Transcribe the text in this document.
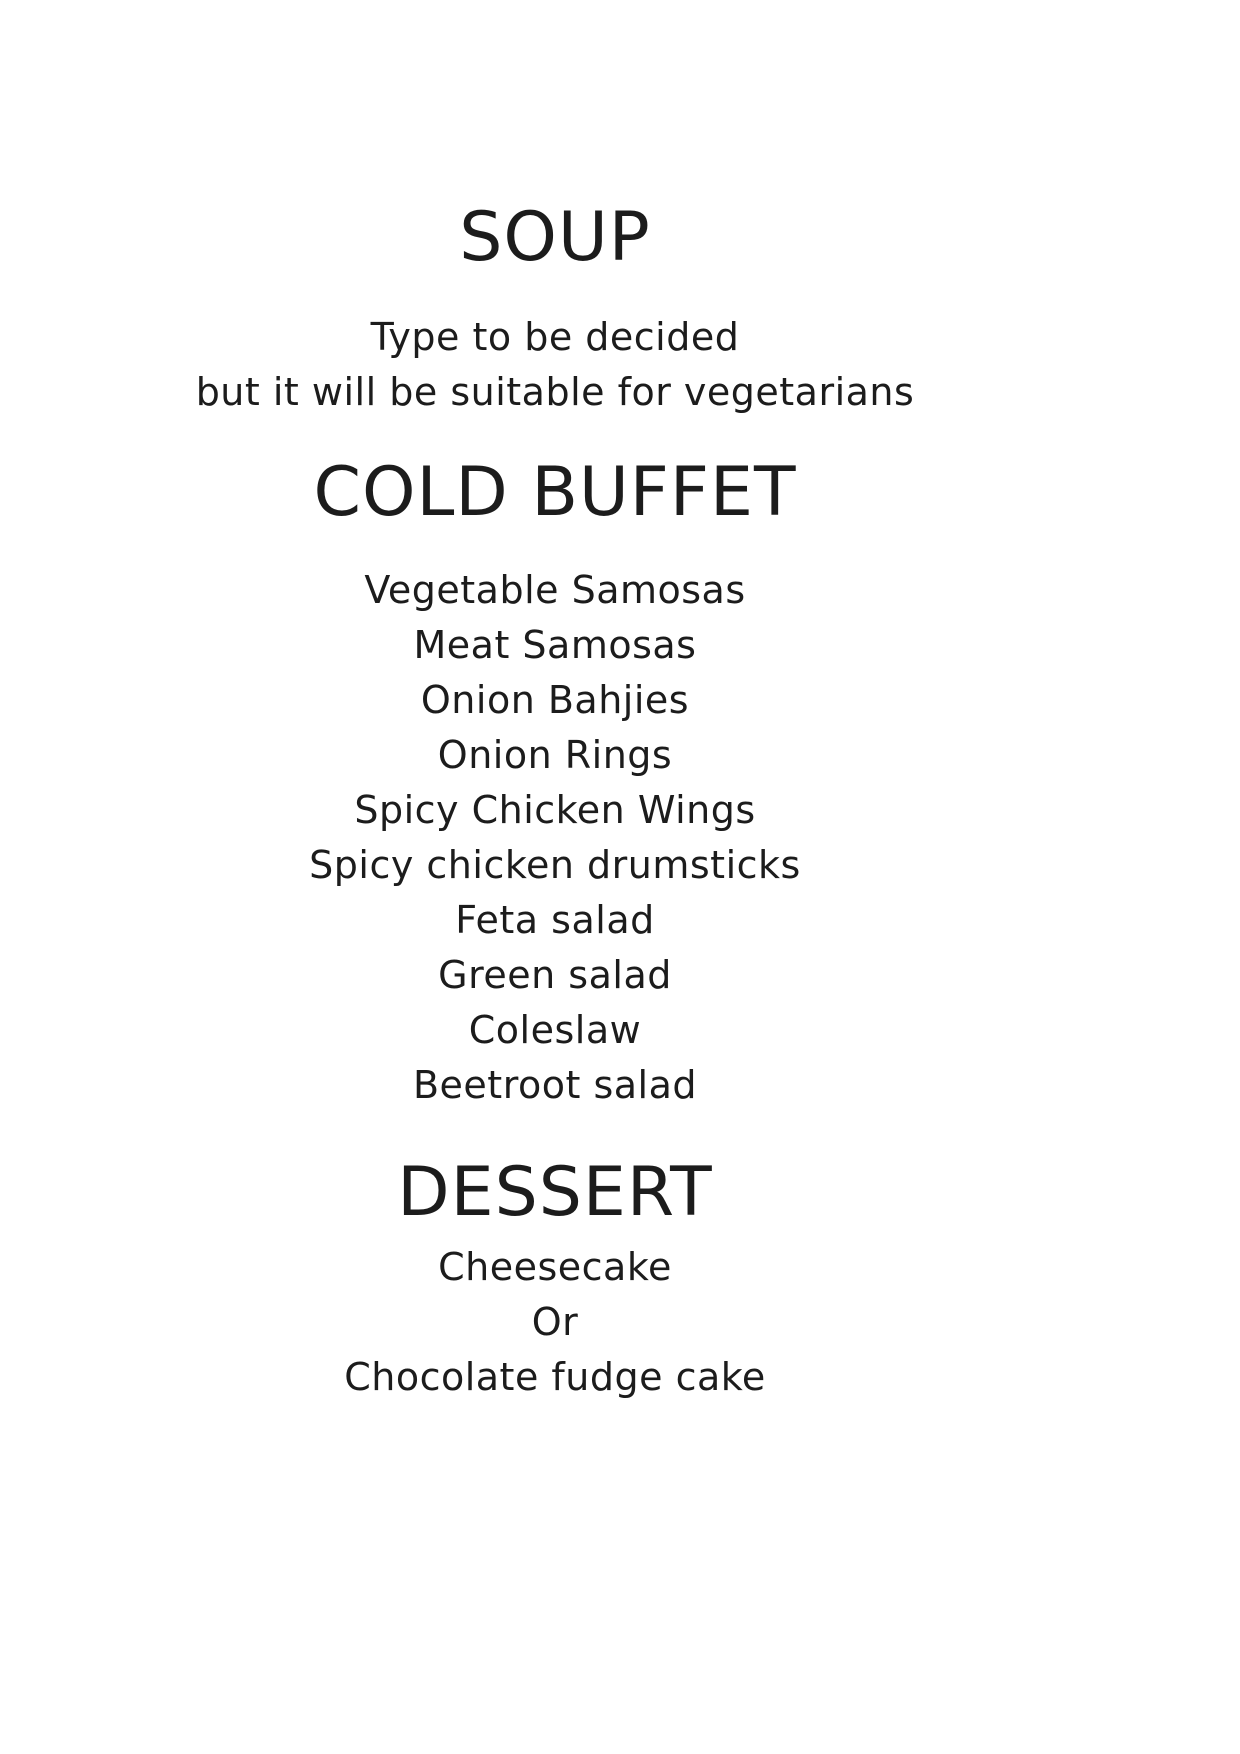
SOUP
Type to be decided
but it will be suitable for vegetarians
COLD BUFFET
Vegetable Samosas
Meat Samosas
Onion Bahjies
Onion Rings
Spicy Chicken Wings
Spicy chicken drumsticks
Feta salad
Green salad
Coleslaw
Beetroot salad
DESSERT
Cheesecake
Or
Chocolate fudge cake
